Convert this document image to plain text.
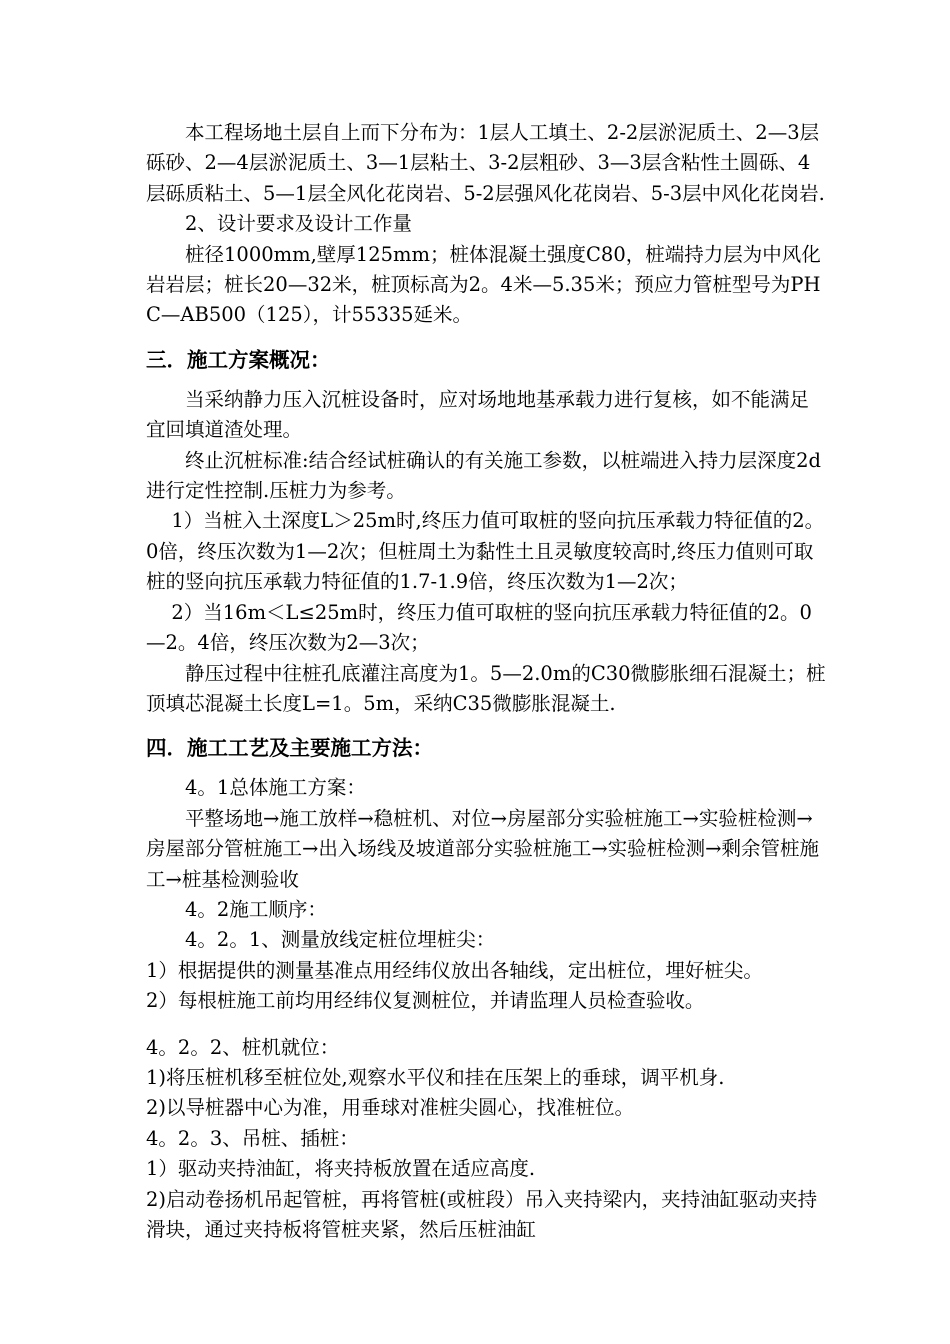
本工程场地土层自上而下分布为：1层人工填土、2-2层淤泥质土、2—3层砾砂、2—4层淤泥质土、3—1层粘土、3-2层粗砂、3—3层含粘性土圆砾、4层砾质粘土、5—1层全风化花岗岩、5-2层强风化花岗岩、5-3层中风化花岗岩.

2、设计要求及设计工作量

桩径1000mm,壁厚125mm；桩体混凝土强度C80，桩端持力层为中风化岩岩层；桩长20—32米，桩顶标高为2。4米—5.35米；预应力管桩型号为PHC—AB500（125），计55335延米。

三．施工方案概况：

当采纳静力压入沉桩设备时，应对场地地基承载力进行复核，如不能满足宜回填道渣处理。

终止沉桩标准:结合经试桩确认的有关施工参数，以桩端进入持力层深度2d进行定性控制.压桩力为参考。

1）当桩入土深度L＞25m时,终压力值可取桩的竖向抗压承载力特征值的2。0倍，终压次数为1—2次；但桩周土为黏性土且灵敏度较高时,终压力值则可取桩的竖向抗压承载力特征值的1.7-1.9倍，终压次数为1—2次；

2）当16m＜L≤25m时，终压力值可取桩的竖向抗压承载力特征值的2。0—2。4倍，终压次数为2—3次；

静压过程中往桩孔底灌注高度为1。5—2.0m的C30微膨胀细石混凝土；桩顶填芯混凝土长度L=1。5m，采纳C35微膨胀混凝土.

四．施工工艺及主要施工方法：

4。1总体施工方案：

平整场地→施工放样→稳桩机、对位→房屋部分实验桩施工→实验桩检测→房屋部分管桩施工→出入场线及坡道部分实验桩施工→实验桩检测→剩余管桩施工→桩基检测验收

4。2施工顺序：

4。2。1、测量放线定桩位埋桩尖：

1）根据提供的测量基准点用经纬仪放出各轴线，定出桩位，埋好桩尖。

2）每根桩施工前均用经纬仪复测桩位，并请监理人员检查验收。

4。2。2、桩机就位：

1)将压桩机移至桩位处,观察水平仪和挂在压架上的垂球，调平机身.

2)以导桩器中心为准，用垂球对准桩尖圆心，找准桩位。

4。2。3、吊桩、插桩：

1）驱动夹持油缸，将夹持板放置在适应高度.

2)启动卷扬机吊起管桩，再将管桩(或桩段）吊入夹持梁内，夹持油缸驱动夹持滑块，通过夹持板将管桩夹紧，然后压桩油缸
